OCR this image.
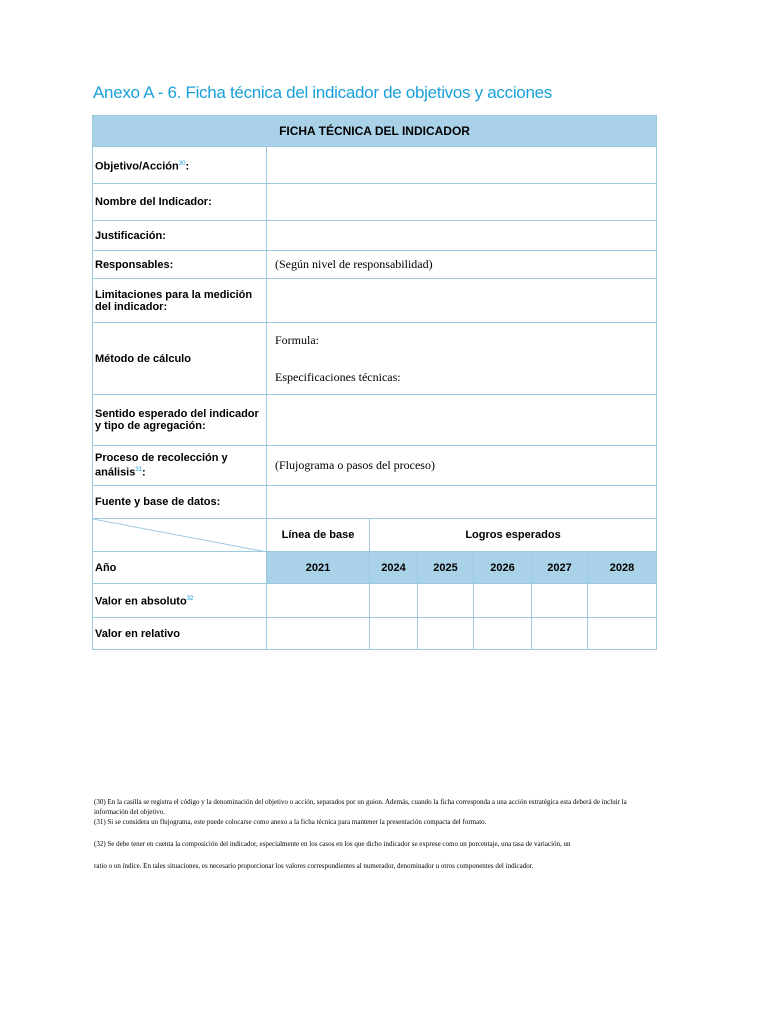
Anexo A - 6. Ficha técnica del indicador de objetivos y acciones
FICHA TÉCNICA DEL INDICADOR						
Objetivo/Acción$^{30}$:						
Nombre del Indicador:						
Justificación:						
Responsables:	(Según nivel de responsabilidad)					
Limitaciones para la medición del indicador:						
Método de cálculo	Formula:
Especificaciones técnicas:					

Sentido esperado del indicador y tipo de agregación:						
Proceso de recolección y
análisis$^{31}$:	(Flujograma o pasos del proceso)					
Fuente y base de datos:						

	Línea de base	Logros esperados				
Año	2021	2024	2025	2026	2027	2028
Valor en absoluto$^{32}$						
Valor en relativo						

(30) En la casilla se registra el código y la denominación del objetivo o acción, separados por un guion. Además, cuando la ficha corresponda a una acción estratégica esta deberá de incluir la información del objetivo.

(31) Si se considera un flujograma, este puede colocarse como anexo a la ficha técnica para mantener la presentación compacta del formato.

(32) Se debe tener en cuenta la composición del indicador, especialmente en los casos en los que dicho indicador se exprese como un porcentaje, una tasa de variación, un

ratio o un índice. En tales situaciones, es necesario proporcionar los valores correspondientes al numerador, denominador u otros componentes del indicador.
